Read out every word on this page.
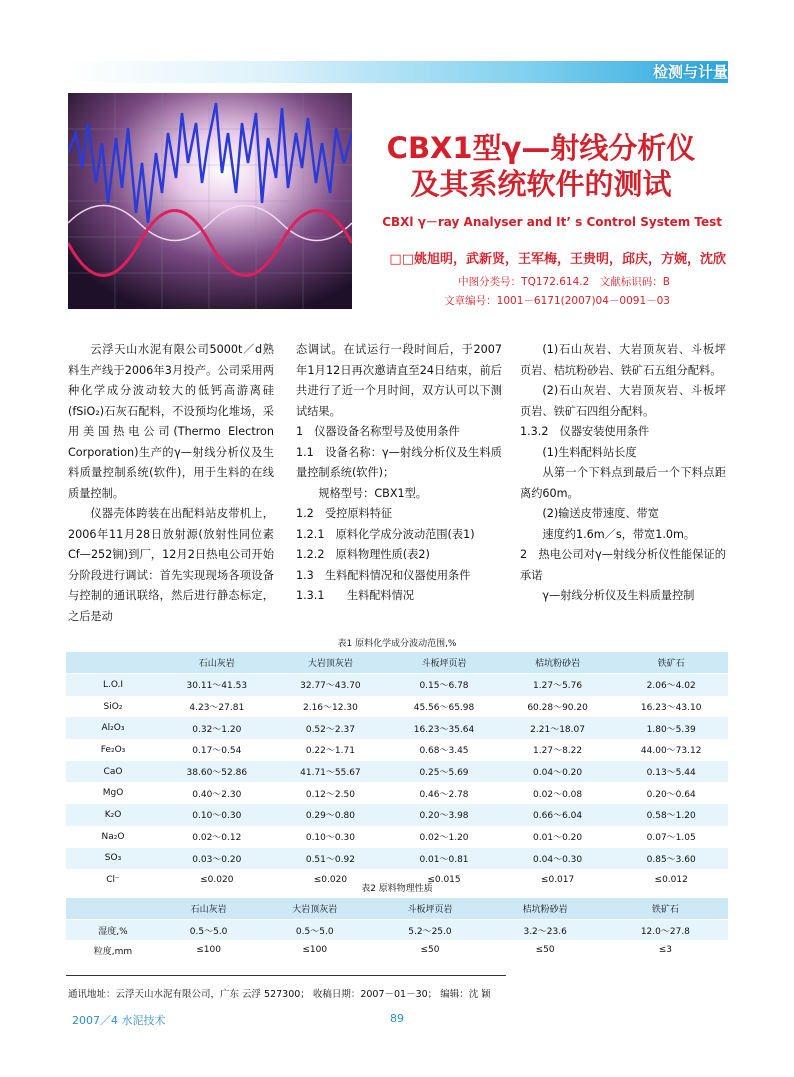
检测与计量
CBX1型γ—射线分析仪
及其系统软件的测试
CBXl γ－ray Analyser and It’ s Control System Test
□□姚旭明，武新贤，王军梅，王贵明，邱庆，方婉，沈欣
中图分类号：TQ172.614.2　文献标识码：B
文章编号：1001－6171(2007)04－0091－03

云浮天山水泥有限公司5000t／d熟料生产线于2006年3月投产。公司采用两种化学成分波动较大的低钙高游离硅(fSiO₂)石灰石配料，不设预均化堆场，采用美国热电公司(Thermo Electron Corporation)生产的γ—射线分析仪及生料质量控制系统(软件)，用于生料的在线质量控制。

仪器壳体跨装在出配料站皮带机上，2006年11月28日放射源(放射性同位素Cf—252锎)到厂，12月2日热电公司开始分阶段进行调试：首先实现现场各项设备与控制的通讯联络，然后进行静态标定，之后是动

态调试。在试运行一段时间后，于2007年1月12日再次邀请直至24日结束，前后共进行了近一个月时间，双方认可以下测试结果。

1　仪器设备名称型号及使用条件

1.1　设备名称：γ—射线分析仪及生料质量控制系统(软件)；

规格型号：CBX1型。

1.2　受控原料特征

1.2.1　原料化学成分波动范围(表1)

1.2.2　原料物理性质(表2)

1.3　生料配料情况和仪器使用条件

1.3.1　　生料配料情况

(1)石山灰岩、大岩顶灰岩、斗板坪页岩、桔坑粉砂岩、铁矿石五组分配料。

(2)石山灰岩、大岩顶灰岩、斗板坪页岩、铁矿石四组分配料。

1.3.2　仪器安装使用条件

(1)生料配料站长度

从第一个下料点到最后一个下料点距离约60m。

(2)输送皮带速度、带宽

速度约1.6m／s，带宽1.0m。

2　热电公司对γ—射线分析仪性能保证的承诺

γ—射线分析仪及生料质量控制

表1 原料化学成分波动范围,%
	石山灰岩	大岩顶灰岩	斗板坪页岩	桔坑粉砂岩	铁矿石
L.O.I	30.11～41.53	32.77～43.70	0.15～6.78	1.27～5.76	2.06～4.02
SiO₂	4.23～27.81	2.16～12.30	45.56～65.98	60.28～90.20	16.23～43.10
Al₂O₃	0.32～1.20	0.52～2.37	16.23～35.64	2.21～18.07	1.80～5.39
Fe₂O₃	0.17～0.54	0.22～1.71	0.68～3.45	1.27～8.22	44.00～73.12
CaO	38.60～52.86	41.71～55.67	0.25～5.69	0.04～0.20	0.13～5.44
MgO	0.40～2.30	0.12～2.50	0.46～2.78	0.02～0.08	0.20～0.64
K₂O	0.10～0.30	0.29～0.80	0.20～3.98	0.66～6.04	0.58～1.20
Na₂O	0.02～0.12	0.10～0.30	0.02～1.20	0.01～0.20	0.07～1.05
SO₃	0.03～0.20	0.51～0.92	0.01～0.81	0.04～0.30	0.85～3.60
Cl⁻	≤0.020	≤0.020	≤0.015	≤0.017	≤0.012
表2 原料物理性质
	石山灰岩	大岩顶灰岩	斗板坪页岩	桔坑粉砂岩	铁矿石
湿度,%	0.5～5.0	0.5～5.0	5.2～25.0	3.2～23.6	12.0～27.8
粒度,mm	≤100	≤100	≤50	≤50	≤3
通讯地址：云浮天山水泥有限公司，广东 云浮 527300； 收稿日期：2007－01－30； 编辑：沈 颖
2007／4 水泥技术	89
